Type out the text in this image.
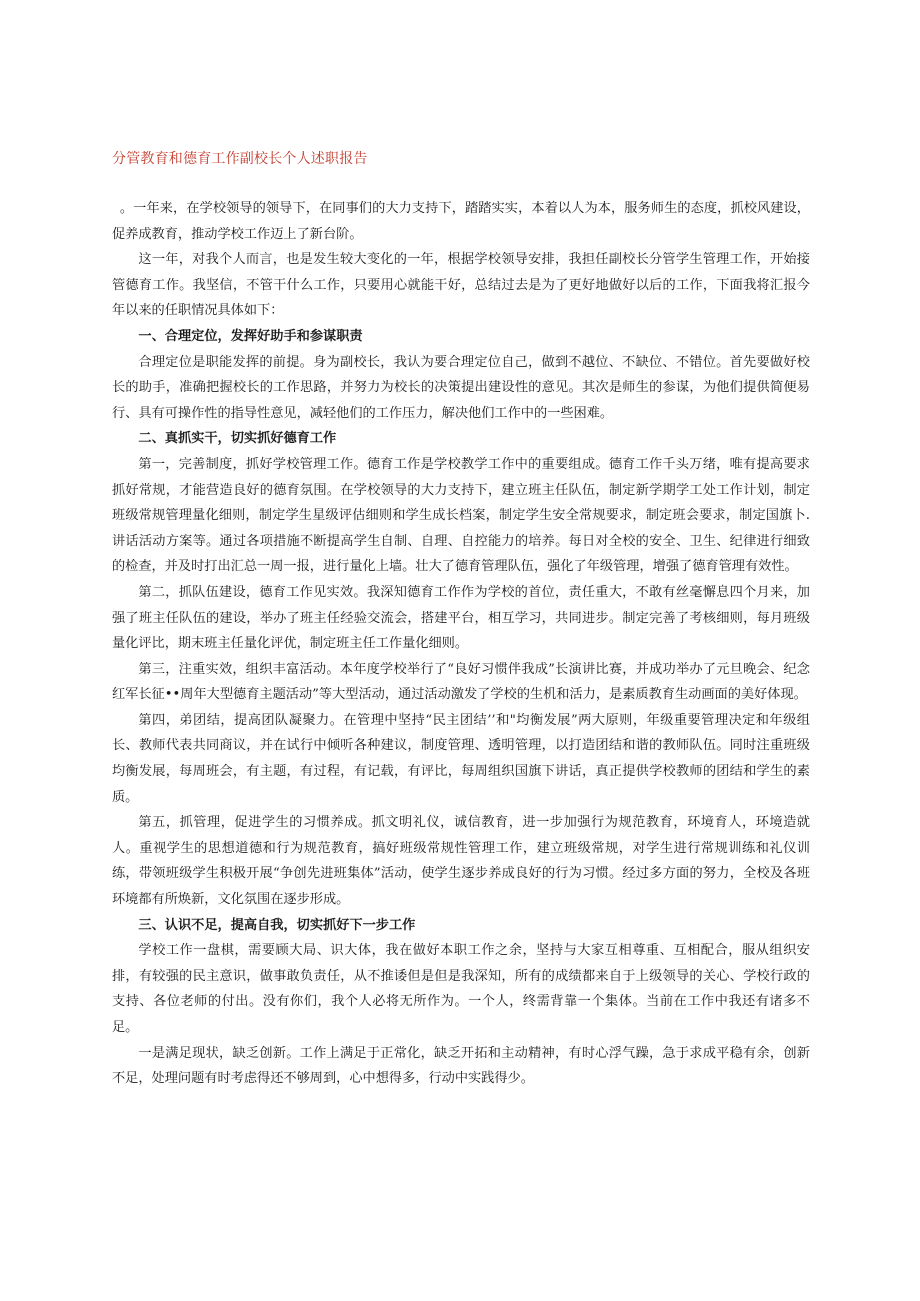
分管教育和德育工作副校长个人述职报告

。一年来，在学校领导的领导下，在同事们的大力支持下，踏踏实实，本着以人为本，服务师生的态度，抓校风建设，促养成教育，推动学校工作迈上了新台阶。

这一年，对我个人而言，也是发生较大变化的一年，根据学校领导安排，我担任副校长分管学生管理工作，开始接管德育工作。我坚信，不管干什么工作，只要用心就能干好，总结过去是为了更好地做好以后的工作，下面我将汇报今年以来的任职情况具体如下：

一、合理定位，发挥好助手和参谋职责

合理定位是职能发挥的前提。身为副校长，我认为要合理定位自己，做到不越位、不缺位、不错位。首先要做好校长的助手，准确把握校长的工作思路，并努力为校长的决策提出建设性的意见。其次是师生的参谋，为他们提供简便易行、具有可操作性的指导性意见，减轻他们的工作压力，解决他们工作中的一些困难。

二、真抓实干，切实抓好德育工作

第一，完善制度，抓好学校管理工作。德育工作是学校教学工作中的重要组成。德育工作千头万绪，唯有提高要求抓好常规，才能营造良好的德育氛围。在学校领导的大力支持下，建立班主任队伍，制定新学期学工处工作计划，制定班级常规管理量化细则，制定学生星级评估细则和学生成长档案，制定学生安全常规要求，制定班会要求，制定国旗卜.讲话活动方案等。通过各项措施不断提高学生自制、自理、自控能力的培养。每日对全校的安全、卫生、纪律进行细致的检查，并及时打出汇总一周一报，进行量化上墙。壮大了德育管理队伍，强化了年级管理，增强了德育管理有效性。

第二，抓队伍建设，德育工作见实效。我深知德育工作作为学校的首位，责任重大，不敢有丝毫懈息四个月来，加强了班主任队伍的建设，举办了班主任经验交流会，搭建平台，相互学习，共同进步。制定完善了考核细则，每月班级量化评比，期末班主任量化评优，制定班主任工作量化细则。

第三，注重实效，组织丰富活动。本年度学校举行了“良好习惯伴我成”长演讲比赛，并成功举办了元旦晚会、纪念红军长征••周年大型德育主题活动”等大型活动，通过活动激发了学校的生机和活力，是素质教育生动画面的美好体现。

第四，弟团结，提高团队凝聚力。在管理中坚持“民主团结’’和"均衡发展”两大原则，年级重要管理决定和年级组长、教师代表共同商议，并在试行中倾听各种建议，制度管理、透明管理，以打造团结和谐的教师队伍。同时注重班级均衡发展，每周班会，有主题，有过程，有记载，有评比，每周组织国旗下讲话，真正提供学校教师的团结和学生的素质。

第五，抓管理，促进学生的习惯养成。抓文明礼仪，诚信教育，进一步加强行为规范教育，环境育人，环境造就人。重视学生的思想道德和行为规范教育，搞好班级常规性管理工作，建立班级常规，对学生进行常规训练和礼仪训练，带领班级学生积极开展“争创先进班集体”活动，使学生逐步养成良好的行为习惯。经过多方面的努力，全校及各班环境都有所焕新，文化氛围在逐步形成。

三、认识不足，提高自我，切实抓好下一步工作

学校工作一盘棋，需要顾大局、识大体，我在做好本职工作之余，坚持与大家互相尊重、互相配合，服从组织安排，有较强的民主意识，做事敢负责任，从不推诿但是但是我深知，所有的成绩都来自于上级领导的关心、学校行政的支持、各位老师的付出。没有你们，我个人必将无所作为。一个人，终需背靠一个集体。当前在工作中我还有诸多不足。

一是满足现状，缺乏创新。工作上满足于正常化，缺乏开拓和主动精神，有时心浮气躁，急于求成平稳有余，创新不足，处理问题有时考虑得还不够周到，心中想得多，行动中实践得少。
